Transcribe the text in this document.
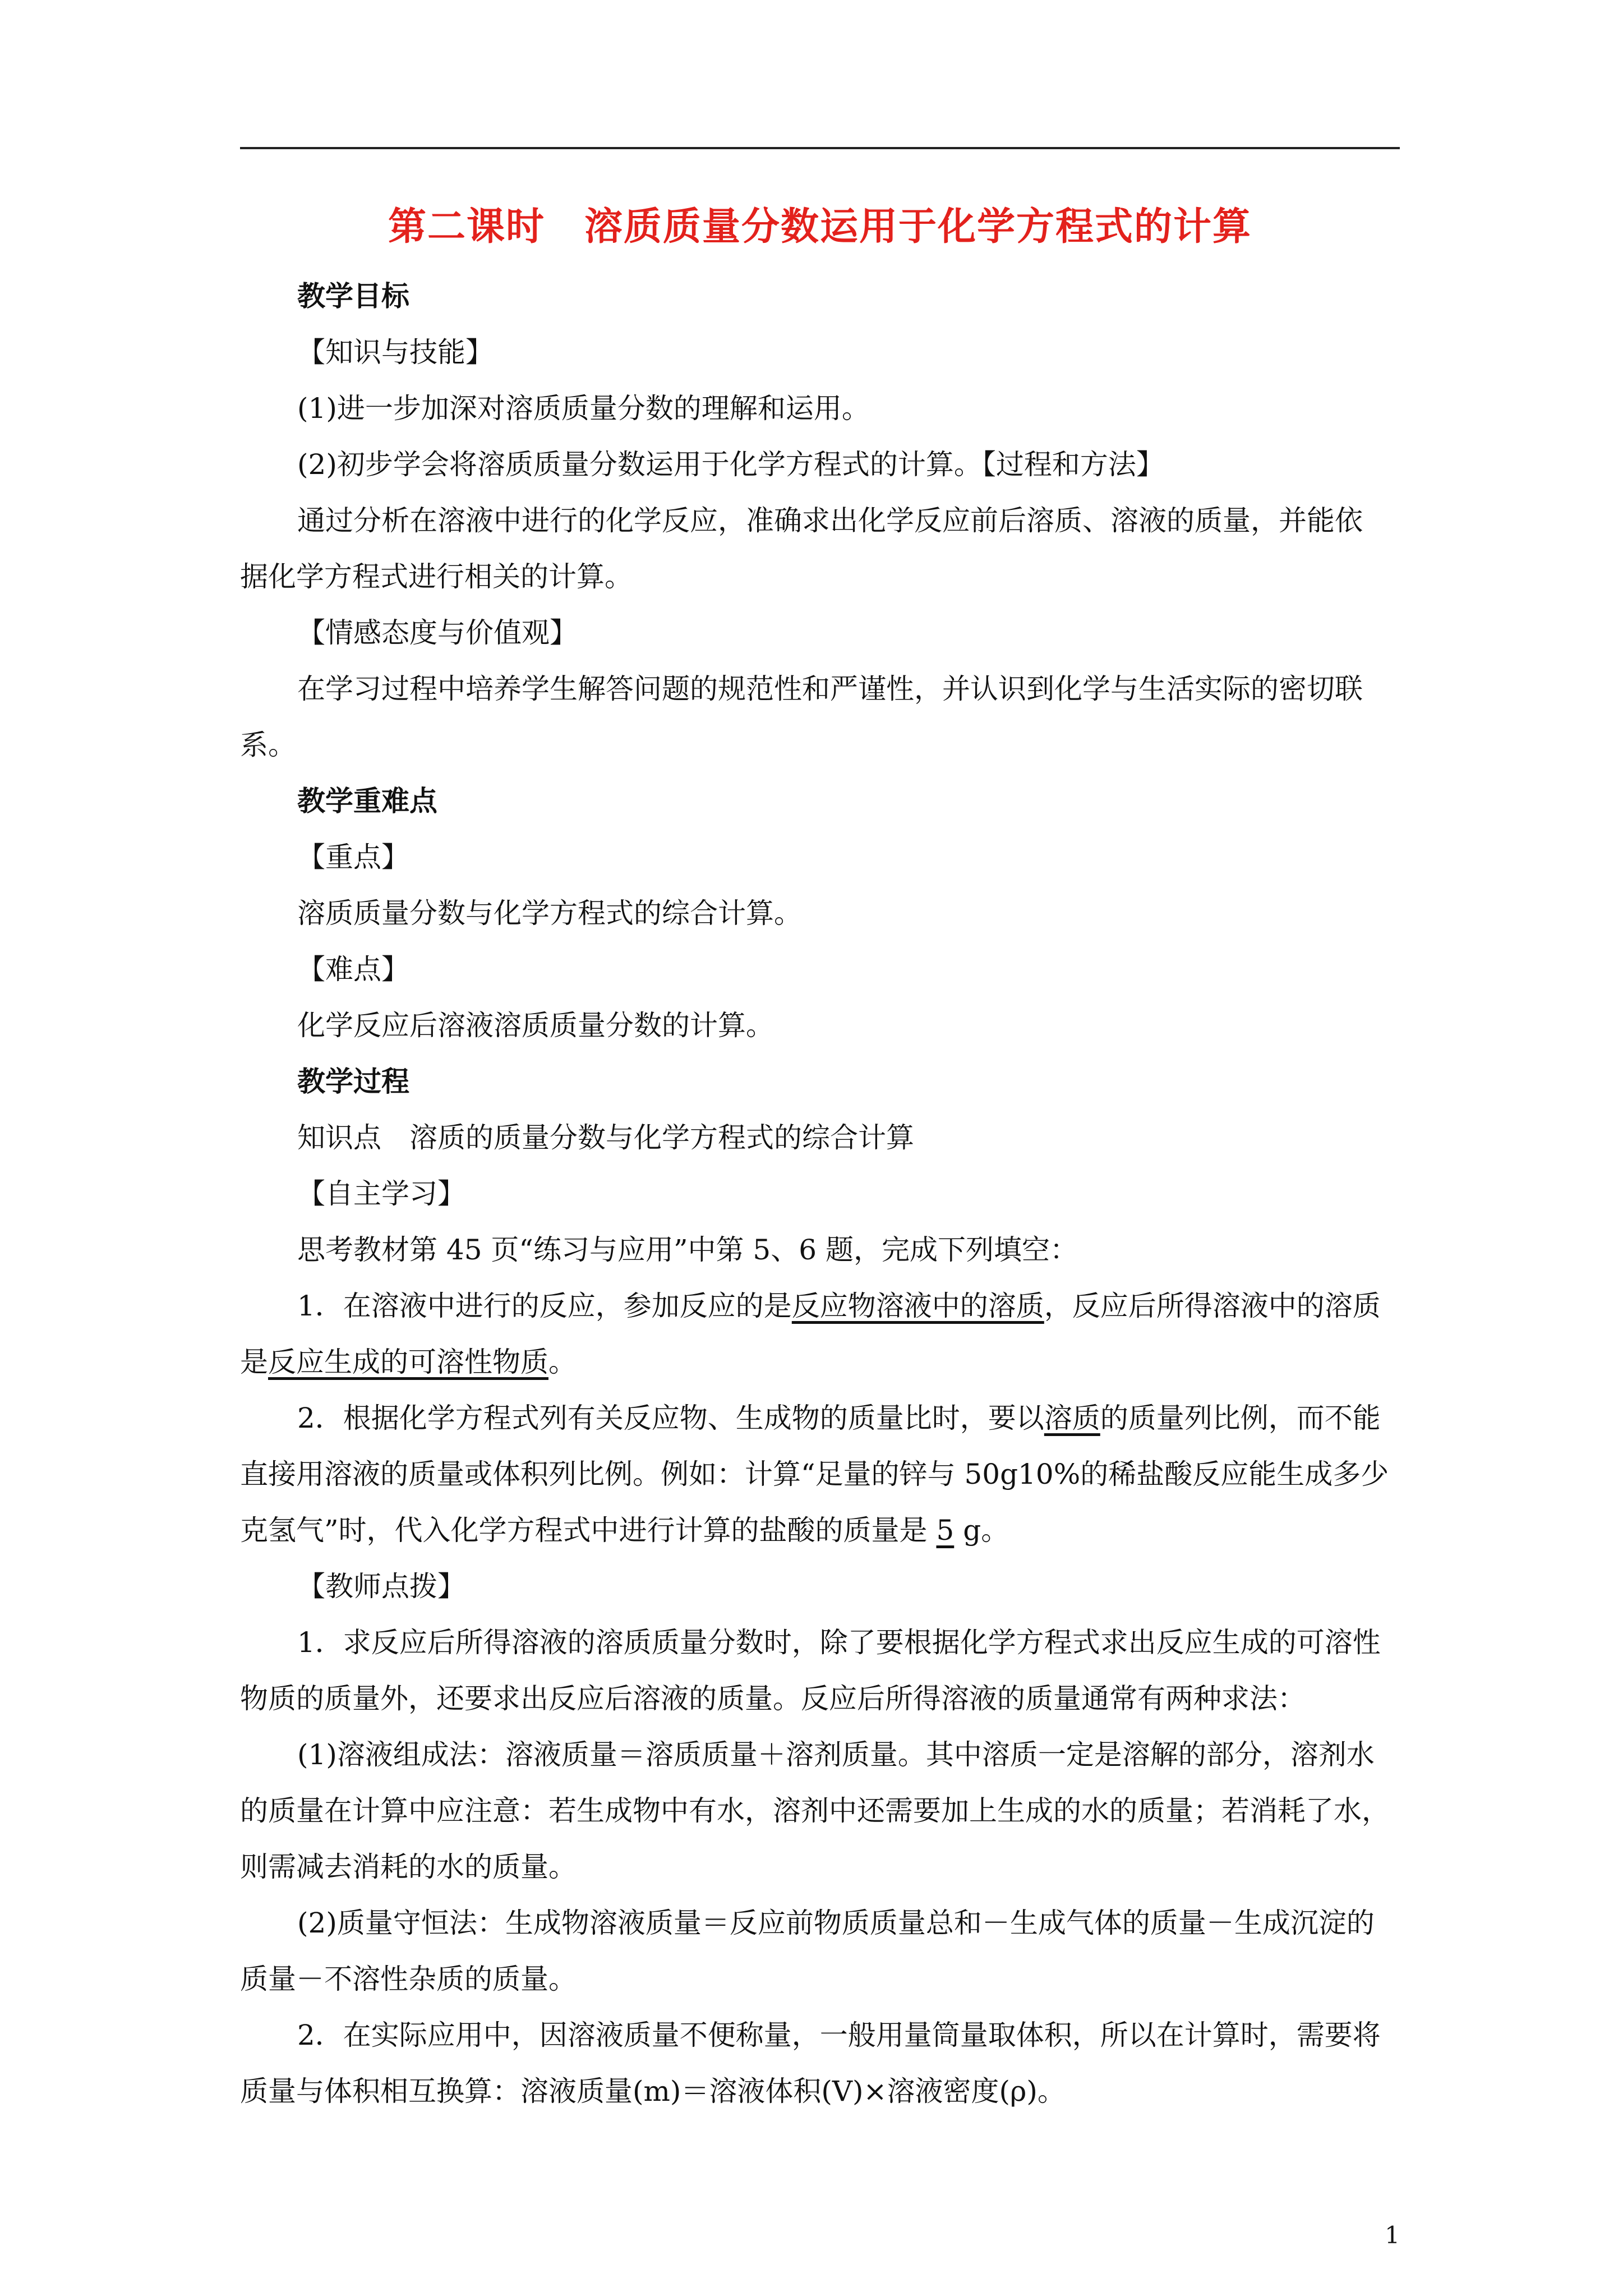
第二课时　溶质质量分数运用于化学方程式的计算
教学目标
【知识与技能】
(1)进一步加深对溶质质量分数的理解和运用。
(2)初步学会将溶质质量分数运用于化学方程式的计算。【过程和方法】
通过分析在溶液中进行的化学反应，准确求出化学反应前后溶质、溶液的质量，并能依
据化学方程式进行相关的计算。
【情感态度与价值观】
在学习过程中培养学生解答问题的规范性和严谨性，并认识到化学与生活实际的密切联
系。
教学重难点
【重点】
溶质质量分数与化学方程式的综合计算。
【难点】
化学反应后溶液溶质质量分数的计算。
教学过程
知识点　溶质的质量分数与化学方程式的综合计算
【自主学习】
思考教材第 45 页“练习与应用”中第 5、6 题，完成下列填空：
1．在溶液中进行的反应，参加反应的是反应物溶液中的溶质，反应后所得溶液中的溶质
是反应生成的可溶性物质。
2．根据化学方程式列有关反应物、生成物的质量比时，要以溶质的质量列比例，而不能
直接用溶液的质量或体积列比例。例如：计算“足量的锌与 50g10%的稀盐酸反应能生成多少
克氢气”时，代入化学方程式中进行计算的盐酸的质量是 5 g。
【教师点拨】
1．求反应后所得溶液的溶质质量分数时，除了要根据化学方程式求出反应生成的可溶性
物质的质量外，还要求出反应后溶液的质量。反应后所得溶液的质量通常有两种求法：
(1)溶液组成法：溶液质量＝溶质质量＋溶剂质量。其中溶质一定是溶解的部分，溶剂水
的质量在计算中应注意：若生成物中有水，溶剂中还需要加上生成的水的质量；若消耗了水，
则需减去消耗的水的质量。
(2)质量守恒法：生成物溶液质量＝反应前物质质量总和－生成气体的质量－生成沉淀的
质量－不溶性杂质的质量。
2．在实际应用中，因溶液质量不便称量，一般用量筒量取体积，所以在计算时，需要将
质量与体积相互换算：溶液质量(m)＝溶液体积(V)×溶液密度(ρ)。
1
